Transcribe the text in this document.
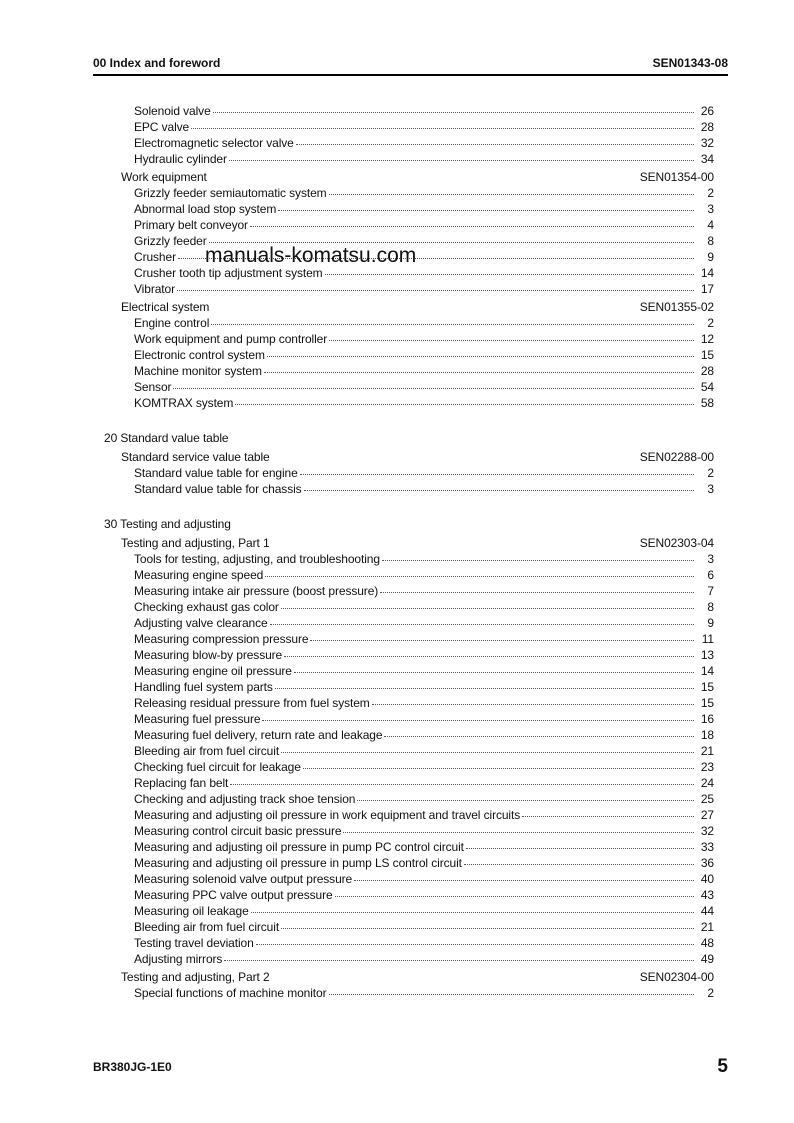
00 Index and foreword	SEN01343-08
Solenoid valve	26
EPC valve	28
Electromagnetic selector valve	32
Hydraulic cylinder	34
Work equipment	SEN01354-00
Grizzly feeder semiautomatic system	2
Abnormal load stop system	3
Primary belt conveyor	4
Grizzly feeder	8
Crusher	9
Crusher tooth tip adjustment system	14
Vibrator	17
Electrical system	SEN01355-02
Engine control	2
Work equipment and pump controller	12
Electronic control system	15
Machine monitor system	28
Sensor	54
KOMTRAX system	58
20 Standard value table
Standard service value table	SEN02288-00
Standard value table for engine	2
Standard value table for chassis	3
30 Testing and adjusting
Testing and adjusting, Part 1	SEN02303-04
Tools for testing, adjusting, and troubleshooting	3
Measuring engine speed	6
Measuring intake air pressure (boost pressure)	7
Checking exhaust gas color	8
Adjusting valve clearance	9
Measuring compression pressure	11
Measuring blow-by pressure	13
Measuring engine oil pressure	14
Handling fuel system parts	15
Releasing residual pressure from fuel system	15
Measuring fuel pressure	16
Measuring fuel delivery, return rate and leakage	18
Bleeding air from fuel circuit	21
Checking fuel circuit for leakage	23
Replacing fan belt	24
Checking and adjusting track shoe tension	25
Measuring and adjusting oil pressure in work equipment and travel circuits	27
Measuring control circuit basic pressure	32
Measuring and adjusting oil pressure in pump PC control circuit	33
Measuring and adjusting oil pressure in pump LS control circuit	36
Measuring solenoid valve output pressure	40
Measuring PPC valve output pressure	43
Measuring oil leakage	44
Bleeding air from fuel circuit	21
Testing travel deviation	48
Adjusting mirrors	49
Testing and adjusting, Part 2	SEN02304-00
Special functions of machine monitor	2
manuals-komatsu.com
BR380JG-1E0	5
